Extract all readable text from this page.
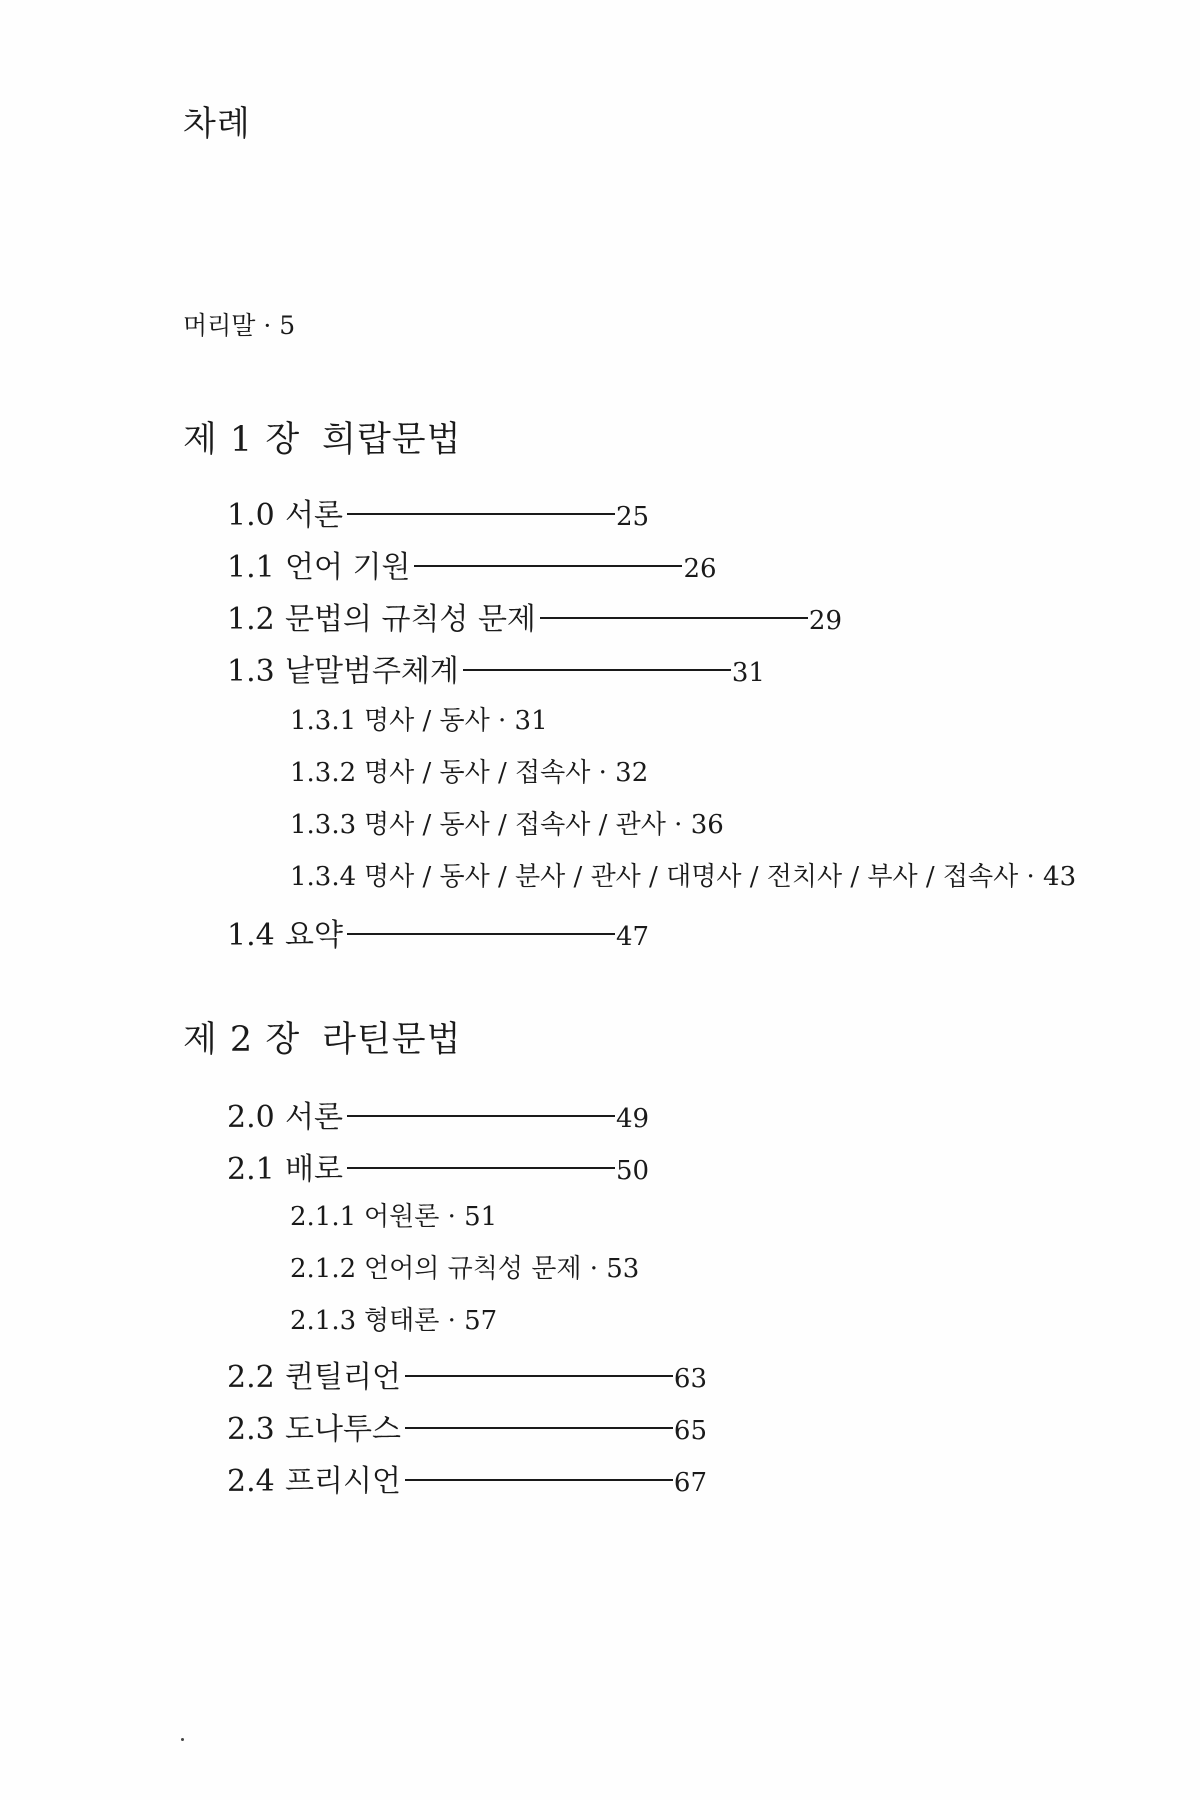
차례
머리말 · 5
제 1 장 희랍문법
1.0 서론	25
1.1 언어 기원	26
1.2 문법의 규칙성 문제	29
1.3 낱말범주체계	31
1.3.1 명사 / 동사 · 31
1.3.2 명사 / 동사 / 접속사 · 32
1.3.3 명사 / 동사 / 접속사 / 관사 · 36
1.3.4 명사 / 동사 / 분사 / 관사 / 대명사 / 전치사 / 부사 / 접속사 · 43
1.4 요약	47
제 2 장 라틴문법
2.0 서론	49
2.1 배로	50
2.1.1 어원론 · 51
2.1.2 언어의 규칙성 문제 · 53
2.1.3 형태론 · 57
2.2 퀸틸리언	63
2.3 도나투스	65
2.4 프리시언	67
